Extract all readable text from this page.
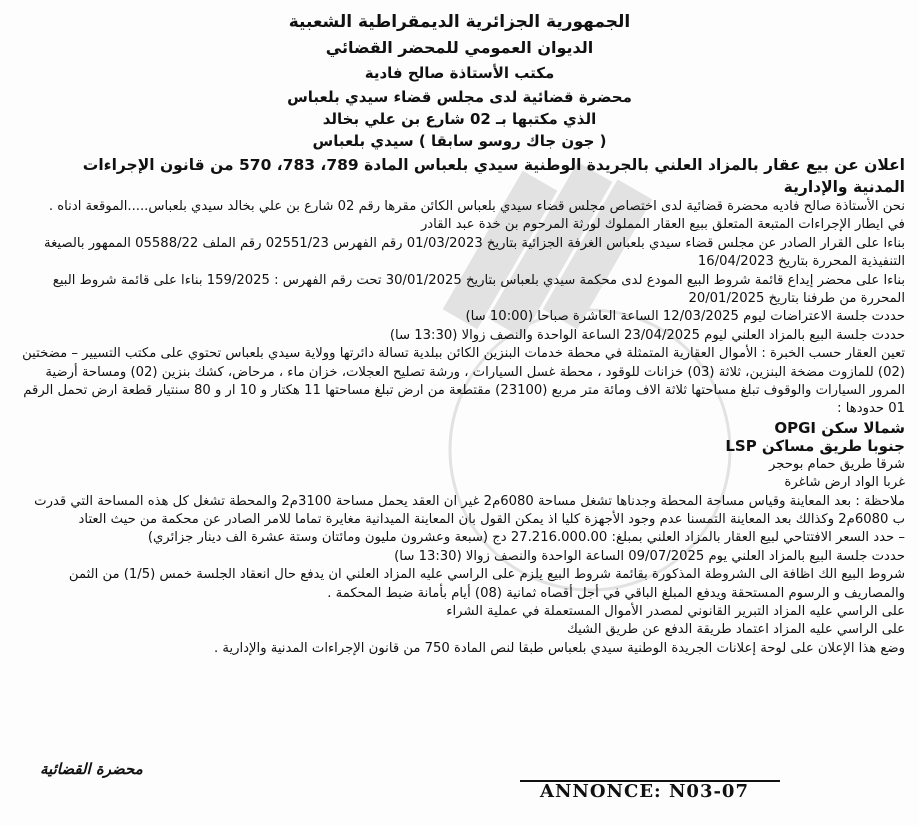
الجمهورية الجزائرية الديمقراطية الشعبية
الديوان العمومي للمحضر القضائي
مكتب الأستاذة صالح فادية
محضرة قضائية لدى مجلس قضاء سيدي بلعباس
الذي مكتبها بـ 02 شارع بن علي بخالد
( جون جاك روسو سابقا ) سيدي بلعباس
اعلان عن بيع عقار بالمزاد العلني بالجريدة الوطنية سيدي بلعباس المادة 789، 783، 570 من قانون الإجراءات المدنية والإدارية

نحن الأستاذة صالح فاديه محضرة قضائية لدى اختصاص مجلس قضاء سيدي بلعباس الكائن مقرها رقم 02 شارع بن علي بخالد سيدي بلعباس.....الموقعة ادناه .

في ايطار الإجراءات المتبعة المتعلق ببيع العقار المملوك لورثة المرحوم بن خدة عبد القادر

بناءا على القرار الصادر عن مجلس قضاء سيدي بلعباس الغرفة الجزائية بتاريخ 01/03/2023 رقم الفهرس 02551/23 رقم الملف 05588/22 الممهور بالصيغة التنفيذية المحررة بتاريخ 16/04/2023

بناءا على محضر إيداع قائمة شروط البيع المودع لدى محكمة سيدي بلعباس بتاريخ 30/01/2025 تحت رقم الفهرس : 159/2025 بناءا على قائمة شروط البيع المحررة من طرفنا بتاريخ 20/01/2025

حددت جلسة الاعتراضات ليوم 12/03/2025 الساعة العاشرة صباحا (10:00 سا)

حددت جلسة البيع بالمزاد العلني ليوم 23/04/2025 الساعة الواحدة والنصف زوالا (13:30 سا)

تعين العقار حسب الخبرة : الأموال العقارية المتمثلة في محطة خدمات البنزين الكائن ببلدية تسالة دائرتها وولاية سيدي بلعباس تحتوي على مكتب التسيير – مضختين (02) للمازوت مضخة البنزين، ثلاثة (03) خزانات للوقود ، محطة غسل السيارات ، ورشة تصليح العجلات، خزان ماء ، مرحاض، كشك بنزين (02) ومساحة أرضية المرور السيارات والوقوف تبلغ مساحتها ثلاثة الاف ومائة متر مربع (23100) مقتطعة من ارض تبلغ مساحتها 11 هكتار و 10 ار و 80 سنتيار قطعة ارض تحمل الرقم 01 حدودها :

شمالا سكن OPGI

جنوبا طريق مساكن LSP

شرقا طريق حمام بوحجر

غربا الواد ارض شاغرة

ملاحظة : بعد المعاينة وقياس مساحة المحطة وجدناها تشغل مساحة 6080م2 غير ان العقد يحمل مساحة 3100م2 والمحطة تشغل كل هذه المساحة التي قدرت ب 6080م2 وكذالك بعد المعاينة التمسنا عدم وجود الأجهزة كليا اذ يمكن القول بان المعاينة الميدانية مغايرة تماما للامر الصادر عن محكمة من حيث العتاد

– حدد السعر الافتتاحي لبيع العقار بالمزاد العلني بمبلغ: 27.216.000.00 دج (سبعة وعشرون مليون ومائتان وستة عشرة الف دينار جزائري)

حددت جلسة البيع بالمزاد العلني يوم 09/07/2025 الساعة الواحدة والنصف زوالا (13:30 سا)

شروط البيع الك اظافة الى الشروطة المذكورة بقائمة شروط البيع يلزم على الراسي عليه المزاد العلني ان يدفع حال انعقاد الجلسة خمس (1/5) من الثمن والمصاريف و الرسوم المستحقة ويدفع المبلغ الباقي في أجل أقصاه ثمانية (08) أيام بأمانة ضبط المحكمة .

على الراسي عليه المزاد التبرير القانوني لمصدر الأموال المستعملة في عملية الشراء

على الراسي عليه المزاد اعتماد طريقة الدفع عن طريق الشيك

وضع هذا الإعلان على لوحة إعلانات الجريدة الوطنية سيدي بلعباس طبقا لنص المادة 750 من قانون الإجراءات المدنية والإدارية .

محضرة القضائية
ANNONCE: N03-07
